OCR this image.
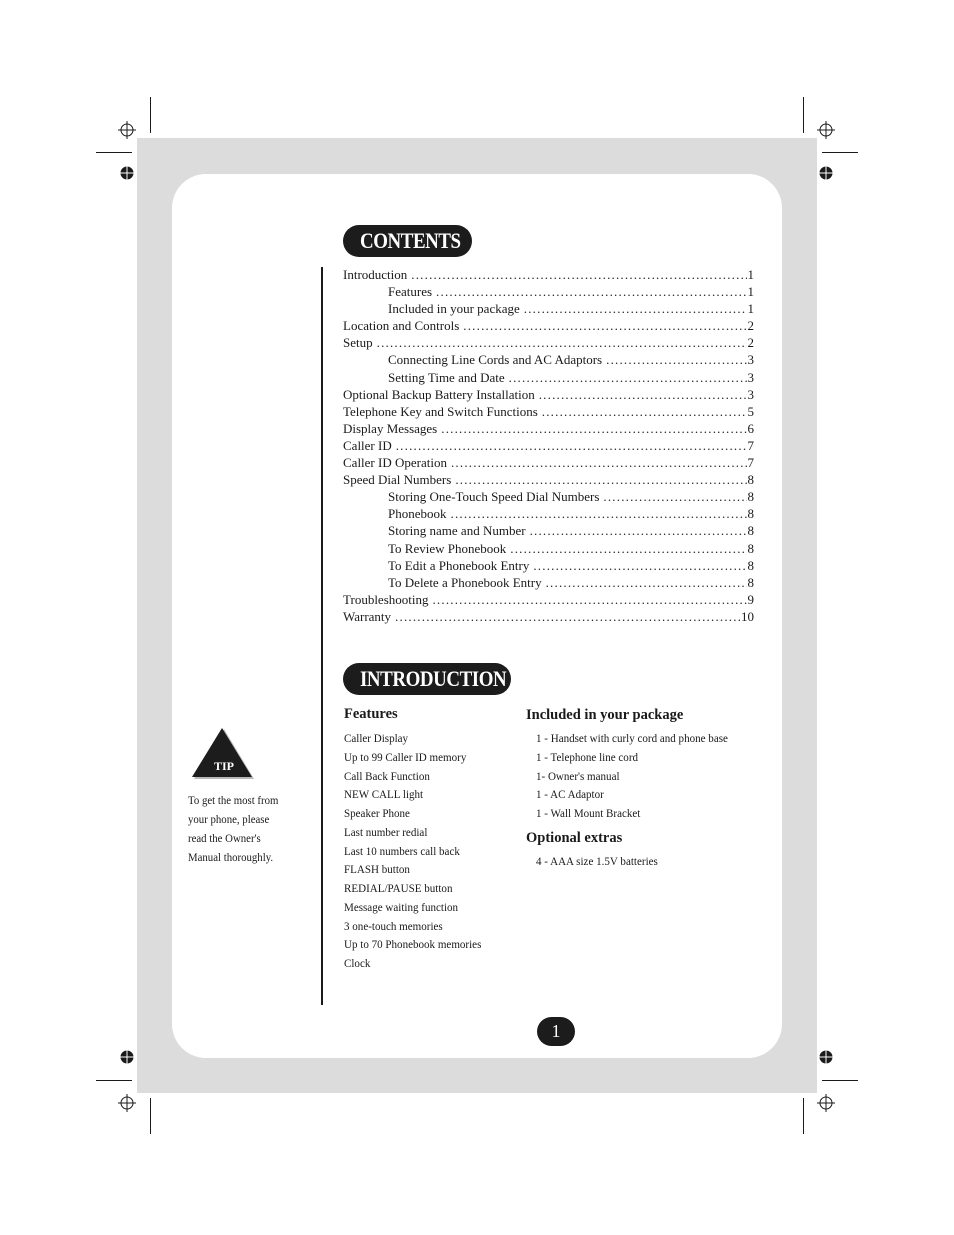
CONTENTS
Introduction .....	1
Features .....	1
Included in your package .....	1
Location and Controls .....	2
Setup .....	2
Connecting Line Cords and AC Adaptors .....	3
Setting Time and Date .....	3
Optional Backup Battery Installation .....	3
Telephone Key and Switch Functions .....	5
Display Messages .....	6
Caller ID .....	7
Caller ID Operation .....	7
Speed Dial Numbers .....	8
Storing One-Touch Speed Dial Numbers .....	8
Phonebook .....	8
Storing name and Number .....	8
To Review Phonebook .....	8
To Edit a Phonebook Entry .....	8
To Delete a Phonebook Entry .....	8
Troubleshooting .....	9
Warranty .....	10
INTRODUCTION
Features
Caller Display
Up to 99 Caller ID memory
Call Back Function
NEW CALL light
Speaker Phone
Last number redial
Last 10 numbers call back
FLASH button
REDIAL/PAUSE button
Message waiting function
3 one-touch memories
Up to 70 Phonebook memories
Clock
Included in your package
1 - Handset with curly cord and phone base
1 - Telephone line cord
1- Owner's manual
1 - AC Adaptor
1 - Wall Mount Bracket
Optional extras
4 - AAA size 1.5V batteries
TIP
To get the most from
your phone, please
read the Owner's
Manual thoroughly.
1
